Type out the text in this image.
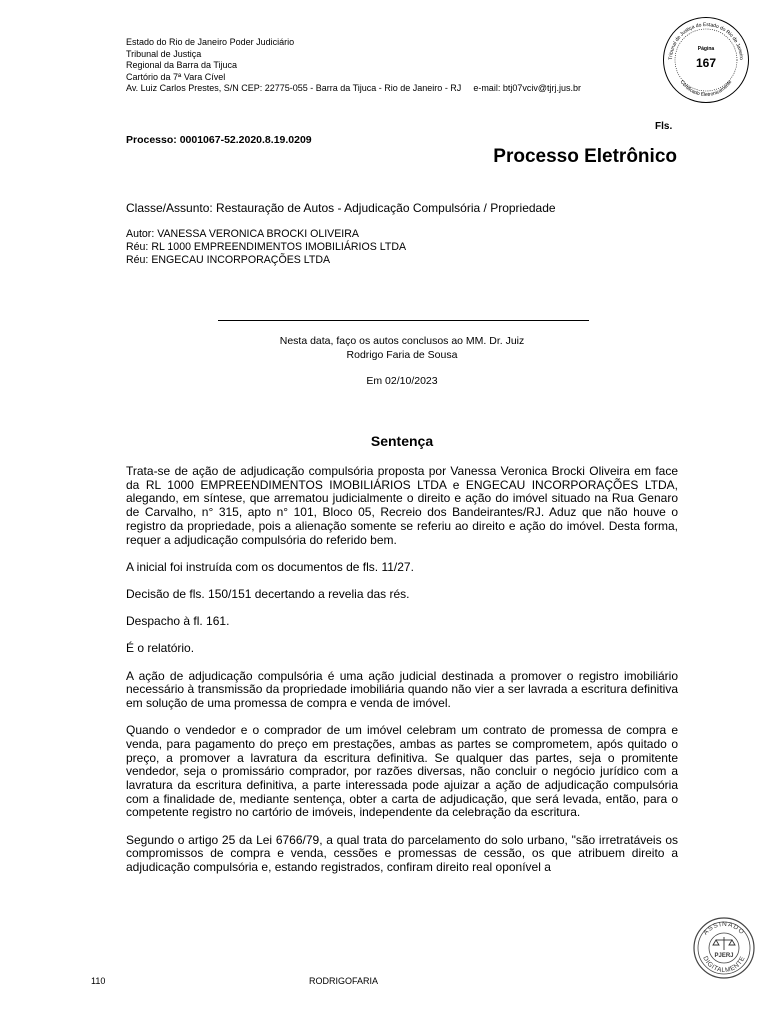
Estado do Rio de Janeiro Poder Judiciário
Tribunal de Justiça
Regional da Barra da Tijuca
Cartório da 7ª Vara Cível
Av. Luiz Carlos Prestes, S/N CEP: 22775-055 - Barra da Tijuca - Rio de Janeiro - RJ e-mail: btj07vciv@tjrj.jus.br
Tribunal de Justiça do Estado do Rio de Janeiro
Página
167
Certificado Eletronicamente
Fls.
Processo: 0001067-52.2020.8.19.0209
Processo Eletrônico
Classe/Assunto: Restauração de Autos - Adjudicação Compulsória / Propriedade
Autor: VANESSA VERONICA BROCKI OLIVEIRA
Réu: RL 1000 EMPREENDIMENTOS IMOBILIÁRIOS LTDA
Réu: ENGECAU INCORPORAÇÕES LTDA
Nesta data, faço os autos conclusos ao MM. Dr. Juiz
Rodrigo Faria de Sousa
Em 02/10/2023
Sentença

Trata-se de ação de adjudicação compulsória proposta por Vanessa Veronica Brocki Oliveira em face da RL 1000 EMPREENDIMENTOS IMOBILIÁRIOS LTDA e ENGECAU INCORPORAÇÕES LTDA, alegando, em síntese, que arrematou judicialmente o direito e ação do imóvel situado na Rua Genaro de Carvalho, n° 315, apto n° 101, Bloco 05, Recreio dos Bandeirantes/RJ. Aduz que não houve o registro da propriedade, pois a alienação somente se referiu ao direito e ação do imóvel. Desta forma, requer a adjudicação compulsória do referido bem.

A inicial foi instruída com os documentos de fls. 11/27.

Decisão de fls. 150/151 decertando a revelia das rés.

Despacho à fl. 161.

É o relatório.

A ação de adjudicação compulsória é uma ação judicial destinada a promover o registro imobiliário necessário à transmissão da propriedade imobiliária quando não vier a ser lavrada a escritura definitiva em solução de uma promessa de compra e venda de imóvel.

Quando o vendedor e o comprador de um imóvel celebram um contrato de promessa de compra e venda, para pagamento do preço em prestações, ambas as partes se comprometem, após quitado o preço, a promover a lavratura da escritura definitiva. Se qualquer das partes, seja o promitente vendedor, seja o promissário comprador, por razões diversas, não concluir o negócio jurídico com a lavratura da escritura definitiva, a parte interessada pode ajuizar a ação de adjudicação compulsória com a finalidade de, mediante sentença, obter a carta de adjudicação, que será levada, então, para o competente registro no cartório de imóveis, independente da celebração da escritura.

Segundo o artigo 25 da Lei 6766/79, a qual trata do parcelamento do solo urbano, "são irretratáveis os compromissos de compra e venda, cessões e promessas de cessão, os que atribuem direito a adjudicação compulsória e, estando registrados, confiram direito real oponível a

110	RODRIGOFARIA
ASSINADO
DIGITALMENTE
PJERJ
